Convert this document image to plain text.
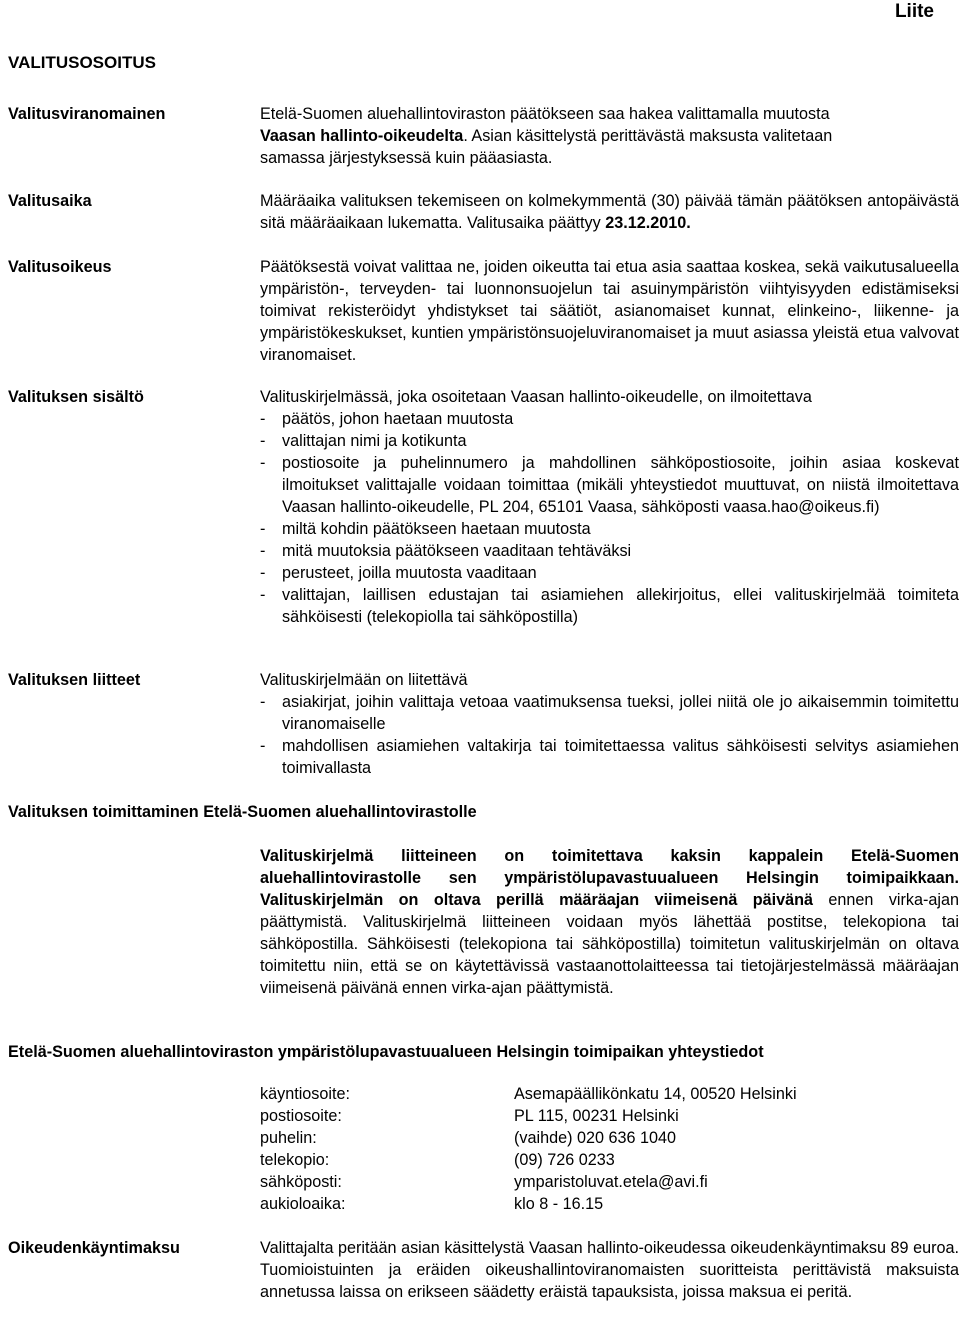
Liite
VALITUSOSOITUS
Valitusviranomainen	Etelä-Suomen aluehallintoviraston päätökseen saa hakea valittamalla muutosta
Vaasan hallinto-oikeudelta. Asian käsittelystä perittävästä maksusta valitetaan
samassa järjestyksessä kuin pääasiasta.

Valitusaika	Määräaika valituksen tekemiseen on kolmekymmentä (30) päivää tämän päätöksen antopäivästä sitä määräaikaan lukematta. Valitusaika päättyy 23.12.2010.

Valitusoikeus	Päätöksestä voivat valittaa ne, joiden oikeutta tai etua asia saattaa koskea, sekä vaikutusalueella ympäristön-, terveyden- tai luonnonsuojelun tai asuinympäristön viihtyisyyden edistämiseksi toimivat rekisteröidyt yhdistykset tai säätiöt, asianomaiset kunnat, elinkeino-, liikenne- ja ympäristökeskukset, kuntien ympäristönsuojeluviranomaiset ja muut asiassa yleistä etua valvovat viranomaiset.

Valituksen sisältö	Valituskirjelmässä, joka osoitetaan Vaasan hallinto-oikeudelle, on ilmoitettava

- päätös, johon haetaan muutosta
- valittajan nimi ja kotikunta
- postiosoite ja puhelinnumero ja mahdollinen sähköpostiosoite, joihin asiaa koskevat ilmoitukset valittajalle voidaan toimittaa (mikäli yhteystiedot muuttuvat, on niistä ilmoitettava Vaasan hallinto-oikeudelle, PL 204, 65101 Vaasa, sähköposti vaasa.hao@oikeus.fi)
- miltä kohdin päätökseen haetaan muutosta
- mitä muutoksia päätökseen vaaditaan tehtäväksi
- perusteet, joilla muutosta vaaditaan
- valittajan, laillisen edustajan tai asiamiehen allekirjoitus, ellei valituskirjelmää toimiteta sähköisesti (telekopiolla tai sähköpostilla)
Valituksen liitteet	Valituskirjelmään on liitettävä

- asiakirjat, joihin valittaja vetoaa vaatimuksensa tueksi, jollei niitä ole jo aikaisemmin toimitettu viranomaiselle
- mahdollisen asiamiehen valtakirja tai toimitettaessa valitus sähköisesti selvitys asiamiehen toimivallasta
Valituksen toimittaminen Etelä-Suomen aluehallintovirastolle

Valituskirjelmä liitteineen on toimitettava kaksin kappalein Etelä-Suomen aluehallintovirastolle sen ympäristölupavastuualueen Helsingin toimipaikkaan. Valituskirjelmän on oltava perillä määräajan viimeisenä päivänä ennen virka-ajan päättymistä. Valituskirjelmä liitteineen voidaan myös lähettää postitse, telekopiona tai sähköpostilla. Sähköisesti (telekopiona tai sähköpostilla) toimitetun valituskirjelmän on oltava toimitettu niin, että se on käytettävissä vastaanottolaitteessa tai tietojärjestelmässä määräajan viimeisenä päivänä ennen virka-ajan päättymistä.

Etelä-Suomen aluehallintoviraston ympäristölupavastuualueen Helsingin toimipaikan yhteystiedot
käyntiosoite:	Asemapäällikönkatu 14, 00520 Helsinki
postiosoite:	PL 115, 00231 Helsinki
puhelin:	(vaihde) 020 636 1040
telekopio:	(09) 726 0233
sähköposti:	ymparistoluvat.etela@avi.fi
aukioloaika:	klo 8 - 16.15
Oikeudenkäyntimaksu	Valittajalta peritään asian käsittelystä Vaasan hallinto-oikeudessa oikeudenkäyntimaksu 89 euroa. Tuomioistuinten ja eräiden oikeushallintoviranomaisten suoritteista perittävistä maksuista annetussa laissa on erikseen säädetty eräistä tapauksista, joissa maksua ei peritä.
